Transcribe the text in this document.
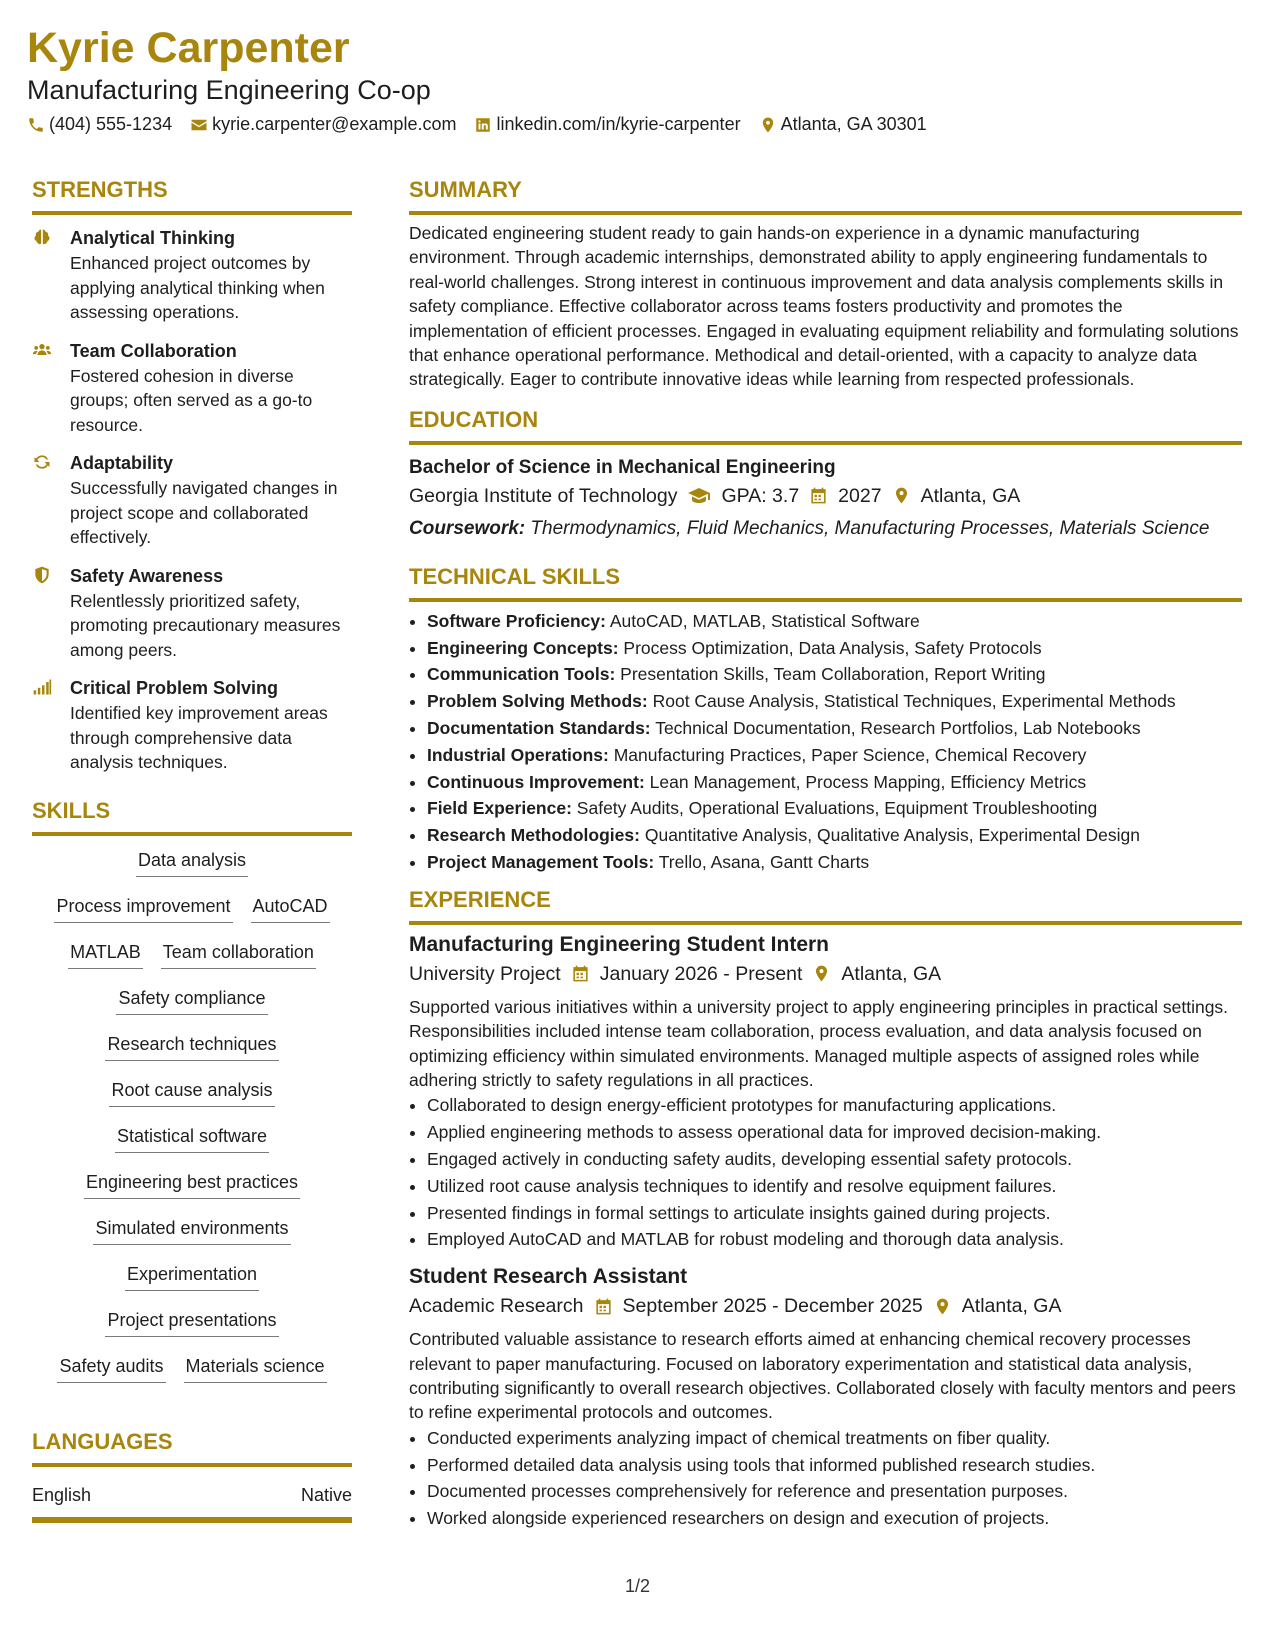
Kyrie Carpenter
Manufacturing Engineering Co-op
(404) 555-1234 kyrie.carpenter@example.com linkedin.com/in/kyrie-carpenter Atlanta, GA 30301
STRENGTHS
Analytical Thinking
Enhanced project outcomes by applying analytical thinking when assessing operations.
Team Collaboration
Fostered cohesion in diverse groups; often served as a go-to resource.
Adaptability
Successfully navigated changes in project scope and collaborated effectively.
Safety Awareness
Relentlessly prioritized safety, promoting precautionary measures among peers.
Critical Problem Solving
Identified key improvement areas through comprehensive data analysis techniques.
SKILLS
Data analysis
Process improvement AutoCAD
MATLAB Team collaboration
Safety compliance
Research techniques
Root cause analysis
Statistical software
Engineering best practices
Simulated environments
Experimentation
Project presentations
Safety audits Materials science
LANGUAGES
English	Native
SUMMARY
Dedicated engineering student ready to gain hands-on experience in a dynamic manufacturing environment. Through academic internships, demonstrated ability to apply engineering fundamentals to real-world challenges. Strong interest in continuous improvement and data analysis complements skills in safety compliance. Effective collaborator across teams fosters productivity and promotes the implementation of efficient processes. Engaged in evaluating equipment reliability and formulating solutions that enhance operational performance. Methodical and detail-oriented, with a capacity to analyze data strategically. Eager to contribute innovative ideas while learning from respected professionals.
EDUCATION
Bachelor of Science in Mechanical Engineering
Georgia Institute of Technology GPA: 3.7 2027 Atlanta, GA
Coursework: Thermodynamics, Fluid Mechanics, Manufacturing Processes, Materials Science
TECHNICAL SKILLS
• Software Proficiency: AutoCAD, MATLAB, Statistical Software
• Engineering Concepts: Process Optimization, Data Analysis, Safety Protocols
• Communication Tools: Presentation Skills, Team Collaboration, Report Writing
• Problem Solving Methods: Root Cause Analysis, Statistical Techniques, Experimental Methods
• Documentation Standards: Technical Documentation, Research Portfolios, Lab Notebooks
• Industrial Operations: Manufacturing Practices, Paper Science, Chemical Recovery
• Continuous Improvement: Lean Management, Process Mapping, Efficiency Metrics
• Field Experience: Safety Audits, Operational Evaluations, Equipment Troubleshooting
• Research Methodologies: Quantitative Analysis, Qualitative Analysis, Experimental Design
• Project Management Tools: Trello, Asana, Gantt Charts
EXPERIENCE
Manufacturing Engineering Student Intern
University Project January 2026 - Present Atlanta, GA
Supported various initiatives within a university project to apply engineering principles in practical settings. Responsibilities included intense team collaboration, process evaluation, and data analysis focused on optimizing efficiency within simulated environments. Managed multiple aspects of assigned roles while adhering strictly to safety regulations in all practices.
• Collaborated to design energy-efficient prototypes for manufacturing applications.
• Applied engineering methods to assess operational data for improved decision-making.
• Engaged actively in conducting safety audits, developing essential safety protocols.
• Utilized root cause analysis techniques to identify and resolve equipment failures.
• Presented findings in formal settings to articulate insights gained during projects.
• Employed AutoCAD and MATLAB for robust modeling and thorough data analysis.
Student Research Assistant
Academic Research September 2025 - December 2025 Atlanta, GA
Contributed valuable assistance to research efforts aimed at enhancing chemical recovery processes relevant to paper manufacturing. Focused on laboratory experimentation and statistical data analysis, contributing significantly to overall research objectives. Collaborated closely with faculty mentors and peers to refine experimental protocols and outcomes.
• Conducted experiments analyzing impact of chemical treatments on fiber quality.
• Performed detailed data analysis using tools that informed published research studies.
• Documented processes comprehensively for reference and presentation purposes.
• Worked alongside experienced researchers on design and execution of projects.
1/2
